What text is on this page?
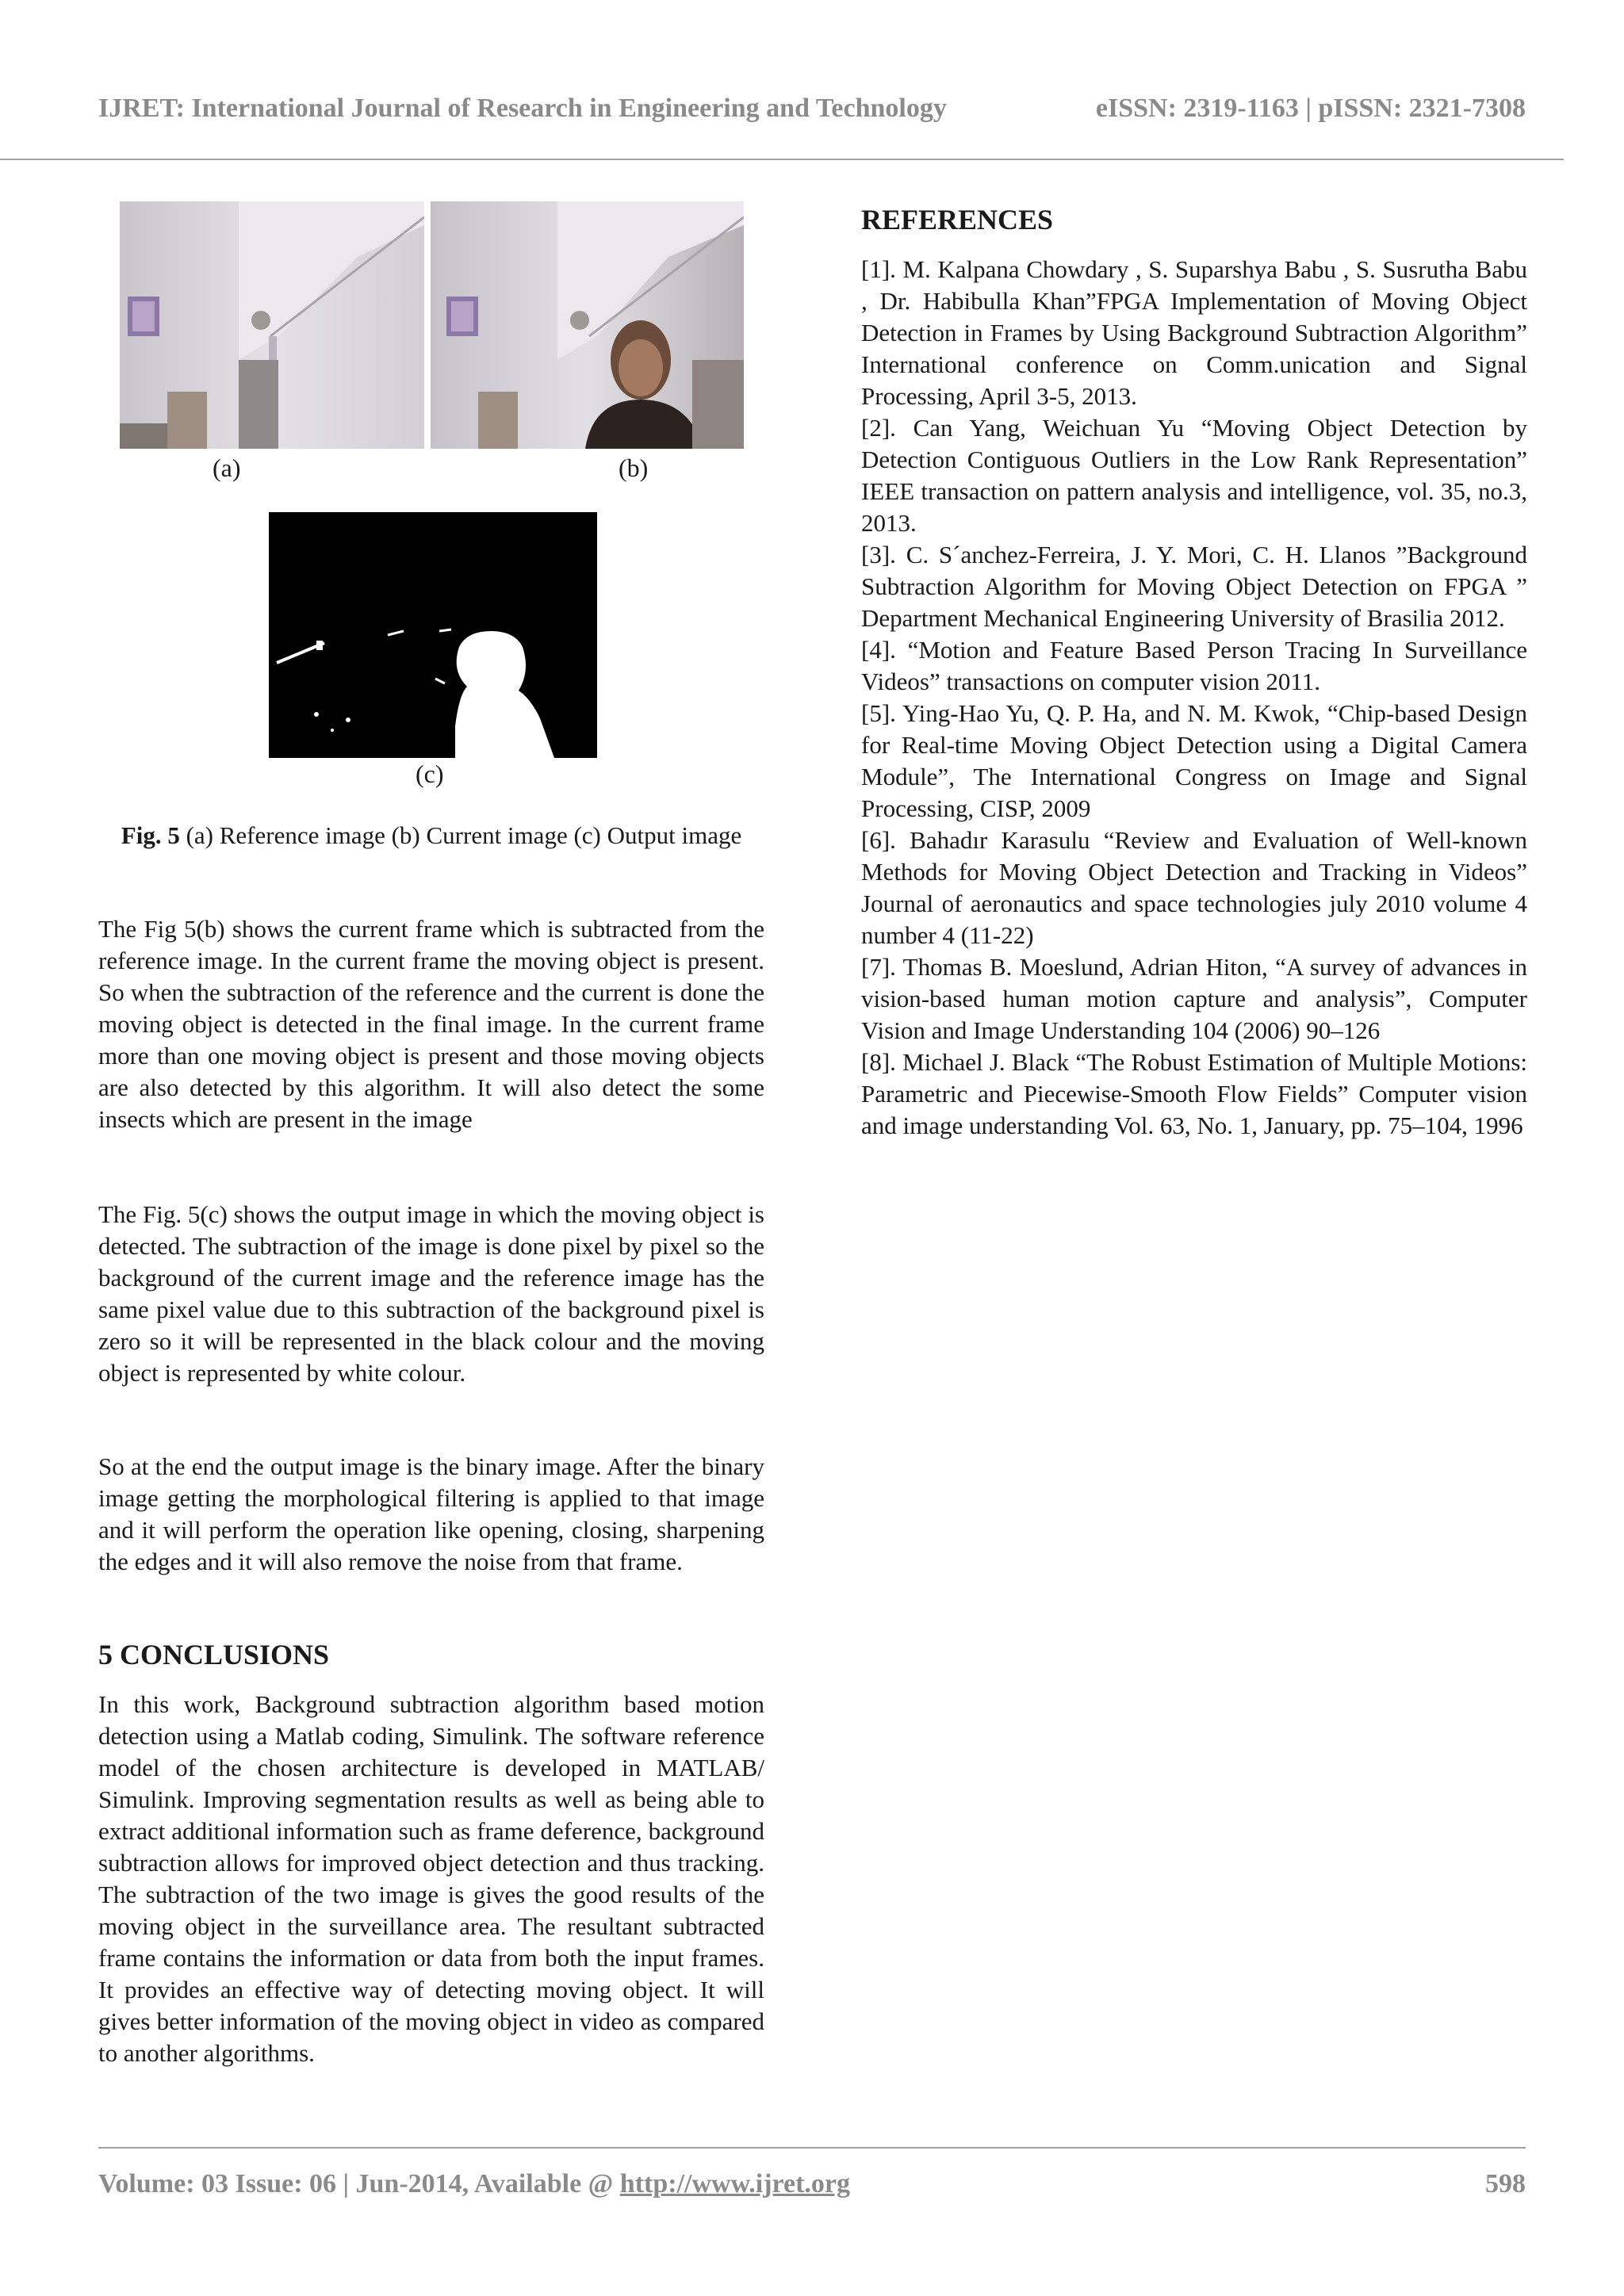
IJRET: International Journal of Research in Engineering and Technology	eISSN: 2319-1163 | pISSN: 2321-7308
(a)	(b)
(c)
Fig. 5 (a) Reference image (b) Current image (c) Output image
The Fig 5(b) shows the current frame which is subtracted from the reference image. In the current frame the moving object is present. So when the subtraction of the reference and the current is done the moving object is detected in the final image. In the current frame more than one moving object is present and those moving objects are also detected by this algorithm. It will also detect the some insects which are present in the image
The Fig. 5(c) shows the output image in which the moving object is detected. The subtraction of the image is done pixel by pixel so the background of the current image and the reference image has the same pixel value due to this subtraction of the background pixel is zero so it will be represented in the black colour and the moving object is represented by white colour.
So at the end the output image is the binary image. After the binary image getting the morphological filtering is applied to that image and it will perform the operation like opening, closing, sharpening the edges and it will also remove the noise from that frame.
5 CONCLUSIONS
In this work, Background subtraction algorithm based motion detection using a Matlab coding, Simulink. The software reference model of the chosen architecture is developed in MATLAB/ Simulink. Improving segmentation results as well as being able to extract additional information such as frame deference, background subtraction allows for improved object detection and thus tracking. The subtraction of the two image is gives the good results of the moving object in the surveillance area. The resultant subtracted frame contains the information or data from both the input frames. It provides an effective way of detecting moving object. It will gives better information of the moving object in video as compared to another algorithms.
REFERENCES

[1]. M. Kalpana Chowdary , S. Suparshya Babu , S. Susrutha Babu , Dr. Habibulla Khan”FPGA Implementation of Moving Object Detection in Frames by Using Background Subtraction Algorithm” International conference on Comm.unication and Signal Processing, April 3-5, 2013.

[2]. Can Yang, Weichuan Yu “Moving Object Detection by Detection Contiguous Outliers in the Low Rank Representation” IEEE transaction on pattern analysis and intelligence, vol. 35, no.3, 2013.

[3]. C. S´anchez-Ferreira, J. Y. Mori, C. H. Llanos ”Background Subtraction Algorithm for Moving Object Detection on FPGA ” Department Mechanical Engineering University of Brasilia 2012.

[4]. “Motion and Feature Based Person Tracing In Surveillance Videos” transactions on computer vision 2011.

[5]. Ying-Hao Yu, Q. P. Ha, and N. M. Kwok, “Chip-based Design for Real-time Moving Object Detection using a Digital Camera Module”, The International Congress on Image and Signal Processing, CISP, 2009

[6]. Bahadır Karasulu “Review and Evaluation of Well-known Methods for Moving Object Detection and Tracking in Videos” Journal of aeronautics and space technologies july 2010 volume 4 number 4 (11-22)

[7]. Thomas B. Moeslund, Adrian Hiton, “A survey of advances in vision-based human motion capture and analysis”, Computer Vision and Image Understanding 104 (2006) 90–126

[8]. Michael J. Black “The Robust Estimation of Multiple Motions: Parametric and Piecewise-Smooth Flow Fields” Computer vision and image understanding Vol. 63, No. 1, January, pp. 75–104, 1996

Volume: 03 Issue: 06 | Jun-2014, Available @ http://www.ijret.org	598
